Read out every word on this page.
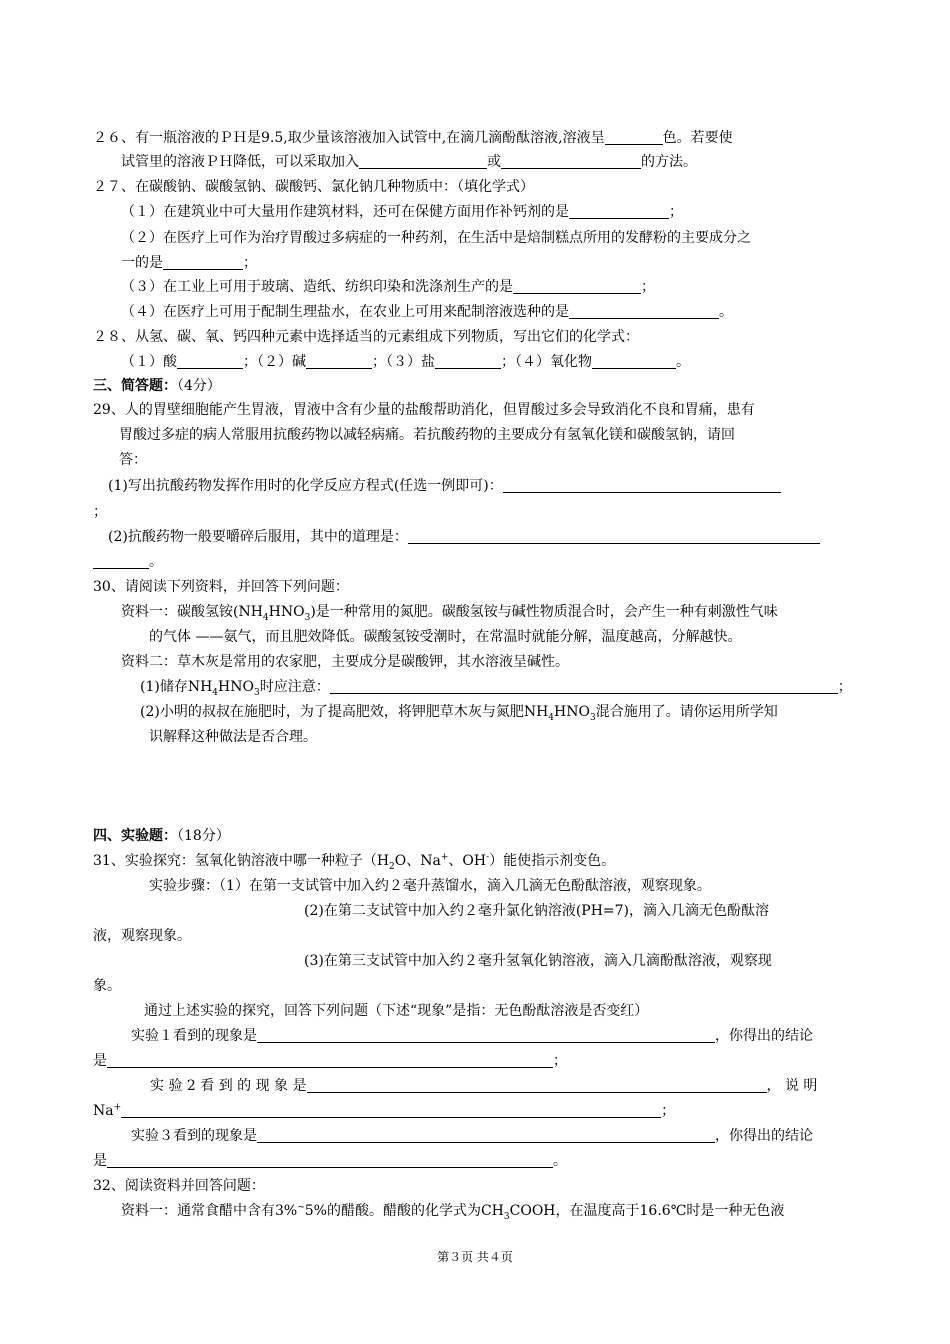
２６、有一瓶溶液的ＰＨ是9.5,取少量该溶液加入试管中,在滴几滴酚酞溶液,溶液呈	色。若要使
试管里的溶液ＰＨ降低，可以采取加入	或	的方法。
２７、在碳酸钠、碳酸氢钠、碳酸钙、氯化钠几种物质中：（填化学式）
（１）在建筑业中可大量用作建筑材料，还可在保健方面用作补钙剂的是	；
（２）在医疗上可作为治疗胃酸过多病症的一种药剂，在生活中是焙制糕点所用的发酵粉的主要成分之
一的是	；
（３）在工业上可用于玻璃、造纸、纺织印染和洗涤剂生产的是	；
（４）在医疗上可用于配制生理盐水，在农业上可用来配制溶液选种的是	。
２８、从氢、碳、氧、钙四种元素中选择适当的元素组成下列物质，写出它们的化学式：
（１）酸	；（２）碱	；（３）盐	；（４）氧化物	。
三、简答题：（4分）
29、人的胃壁细胞能产生胃液，胃液中含有少量的盐酸帮助消化，但胃酸过多会导致消化不良和胃痛，患有
胃酸过多症的病人常服用抗酸药物以减轻病痛。若抗酸药物的主要成分有氢氧化镁和碳酸氢钠，请回
答：
(1)写出抗酸药物发挥作用时的化学反应方程式(任选一例即可)：
；
(2)抗酸药物一般要嚼碎后服用，其中的道理是：
。
30、请阅读下列资料，并回答下列问题：
资料一：碳酸氢铵$(NH_4HNO_3)$是一种常用的氮肥。碳酸氢铵与碱性物质混合时，会产生一种有刺激性气味
的气体 ——氨气，而且肥效降低。碳酸氢铵受潮时，在常温时就能分解，温度越高，分解越快。
资料二：草木灰是常用的农家肥，主要成分是碳酸钾，其水溶液呈碱性。
(1)储存$NH_4HNO_3$时应注意：	；
(2)小明的叔叔在施肥时，为了提高肥效，将钾肥草木灰与氮肥$NH_4HNO_3$混合施用了。请你运用所学知
识解释这种做法是否合理。
四、实验题：（18分）
31、实验探究：氢氧化钠溶液中哪一种粒子（$H_2O$、Na+、OH-）能使指示剂变色。
实验步骤：（1）在第一支试管中加入约２毫升蒸馏水，滴入几滴无色酚酞溶液，观察现象。
(2)在第二支试管中加入约２毫升氯化钠溶液(PH=7)，滴入几滴无色酚酞溶
液，观察现象。
(3)在第三支试管中加入约２毫升氢氧化钠溶液，滴入几滴酚酞溶液，观察现
象。
通过上述实验的探究，回答下列问题（下述“现象”是指：无色酚酞溶液是否变红）
实验１看到的现象是	，你得出的结论
是	；
实 验 2 看 到 的 现 象 是	， 说 明
Na+	；
实验３看到的现象是	，你得出的结论
是	。
32、阅读资料并回答问题：
资料一：通常食醋中含有3%~5%的醋酸。醋酸的化学式为$CH_3COOH$，在温度高于16.6℃时是一种无色液
第３页 共４页
